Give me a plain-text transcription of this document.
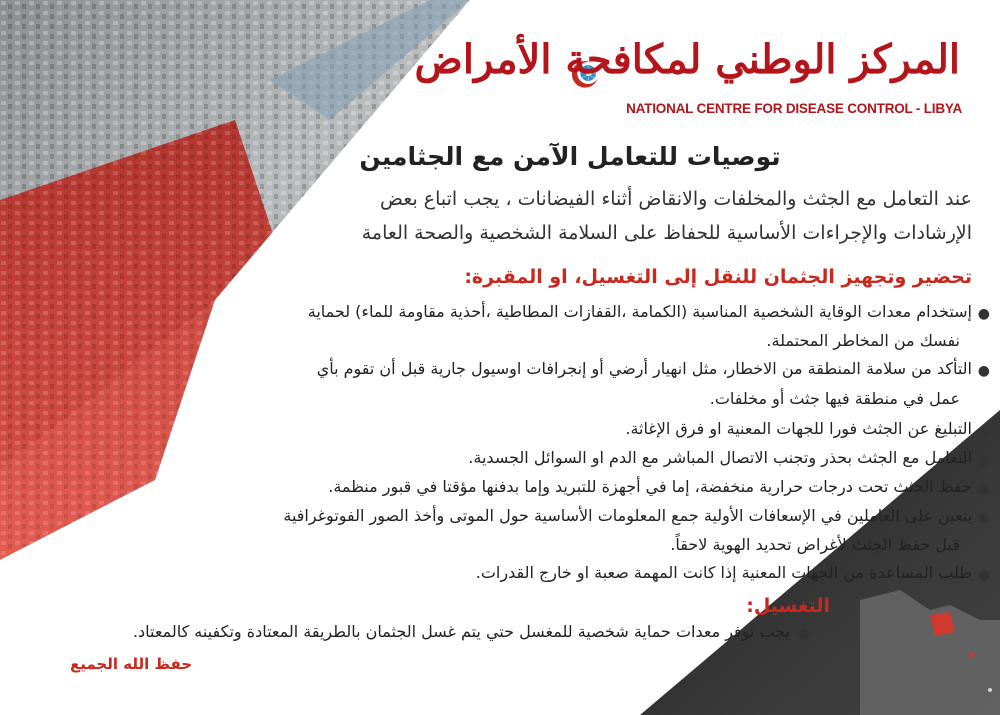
المركز الوطني لمكافحة الأمراض
NATIONAL CENTRE FOR DISEASE CONTROL - LIBYA
توصيات للتعامل الآمن مع الجثامين
عند التعامل مع الجثث والمخلفات والانقاض أثناء الفيضانات ، يجب اتباع بعض
الإرشادات والإجراءات الأساسية للحفاظ على السلامة الشخصية والصحة العامة
تحضير وتجهيز الجثمان للنقل إلى التغسيل، او المقبرة:
●
إستخدام معدات الوقاية الشخصية المناسبة (الكمامة ،القفازات المطاطية ،أحذية مقاومة للماء) لحماية
نفسك من المخاطر المحتملة.
●
التأكد من سلامة المنطقة من الاخطار، مثل انهيار أرضي أو إنجرافات اوسيول جارية قبل أن تقوم بأي
عمل في منطقة فيها جثث أو مخلفات.
●
التبليغ عن الجثث فورا للجهات المعنية او فرق الإغاثة.
●
التعامل مع الجثث بحذر وتجنب الاتصال المباشر مع الدم او السوائل الجسدية.
●
حفظ الجثث تحت درجات حرارية منخفضة، إما في أجهزة للتبريد وإما بدفنها مؤقتا في قبور منظمة.
●
يتعين على العاملين في الإسعافات الأولية جمع المعلومات الأساسية حول الموتى وأخذ الصور الفوتوغرافية
قبل حفظ الجثث لأغراض تحديد الهوية لاحقاً.
●
طلب المساعدة من الجهات المعنية إذا كانت المهمة صعبة او خارج القدرات.
التغسيل:
●
يجب توفر معدات حماية شخصية للمغسل حتي يتم غسل الجثمان بالطريقة المعتادة وتكفينه كالمعتاد.
حفظ الله الجميع
